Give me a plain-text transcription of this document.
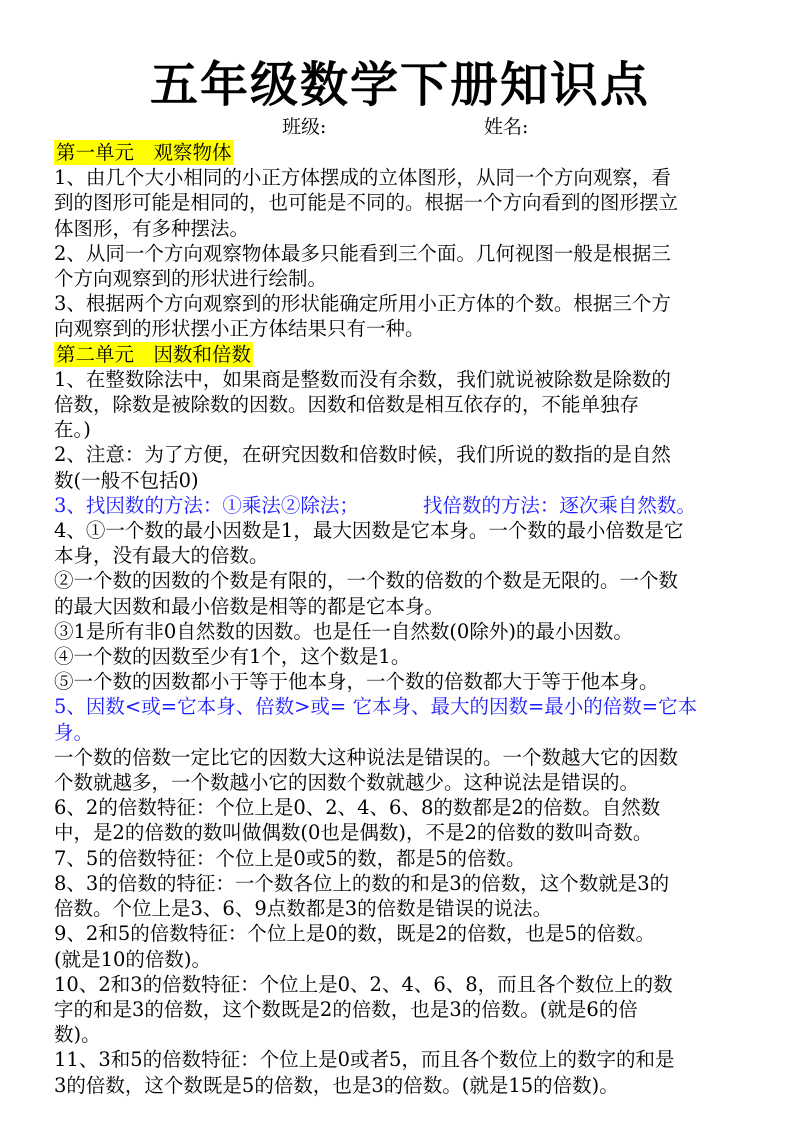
五年级数学下册知识点
班级:	姓名:

第一单元　观察物体

1、由几个大小相同的小正方体摆成的立体图形，从同一个方向观察，看

到的图形可能是相同的，也可能是不同的。根据一个方向看到的图形摆立

体图形，有多种摆法。

2、从同一个方向观察物体最多只能看到三个面。几何视图一般是根据三

个方向观察到的形状进行绘制。

3、根据两个方向观察到的形状能确定所用小正方体的个数。根据三个方

向观察到的形状摆小正方体结果只有一种。

第二单元　因数和倍数

1、在整数除法中，如果商是整数而没有余数，我们就说被除数是除数的

倍数，除数是被除数的因数。因数和倍数是相互依存的，不能单独存

在。)

2、注意：为了方便，在研究因数和倍数时候，我们所说的数指的是自然

数(一般不包括0)

3、找因数的方法：①乘法②除法；	找倍数的方法：逐次乘自然数。

4、①一个数的最小因数是1，最大因数是它本身。一个数的最小倍数是它

本身，没有最大的倍数。

②一个数的因数的个数是有限的，一个数的倍数的个数是无限的。一个数

的最大因数和最小倍数是相等的都是它本身。

③1是所有非0自然数的因数。也是任一自然数(0除外)的最小因数。

④一个数的因数至少有1个，这个数是1。

⑤一个数的因数都小于等于他本身，一个数的倍数都大于等于他本身。

5、因数<或=它本身、倍数>或= 它本身、最大的因数=最小的倍数=它本

身。

一个数的倍数一定比它的因数大这种说法是错误的。一个数越大它的因数

个数就越多，一个数越小它的因数个数就越少。这种说法是错误的。

6、2的倍数特征：个位上是0、2、4、6、8的数都是2的倍数。自然数

中，是2的倍数的数叫做偶数(0也是偶数)，不是2的倍数的数叫奇数。

7、5的倍数特征：个位上是0或5的数，都是5的倍数。

8、3的倍数的特征：一个数各位上的数的和是3的倍数，这个数就是3的

倍数。个位上是3、6、9点数都是3的倍数是错误的说法。

9、2和5的倍数特征：个位上是0的数，既是2的倍数，也是5的倍数。

(就是10的倍数)。

10、2和3的倍数特征：个位上是0、2、4、6、8，而且各个数位上的数

字的和是3的倍数，这个数既是2的倍数，也是3的倍数。(就是6的倍

数)。

11、3和5的倍数特征：个位上是0或者5，而且各个数位上的数字的和是

3的倍数，这个数既是5的倍数，也是3的倍数。(就是15的倍数)。
